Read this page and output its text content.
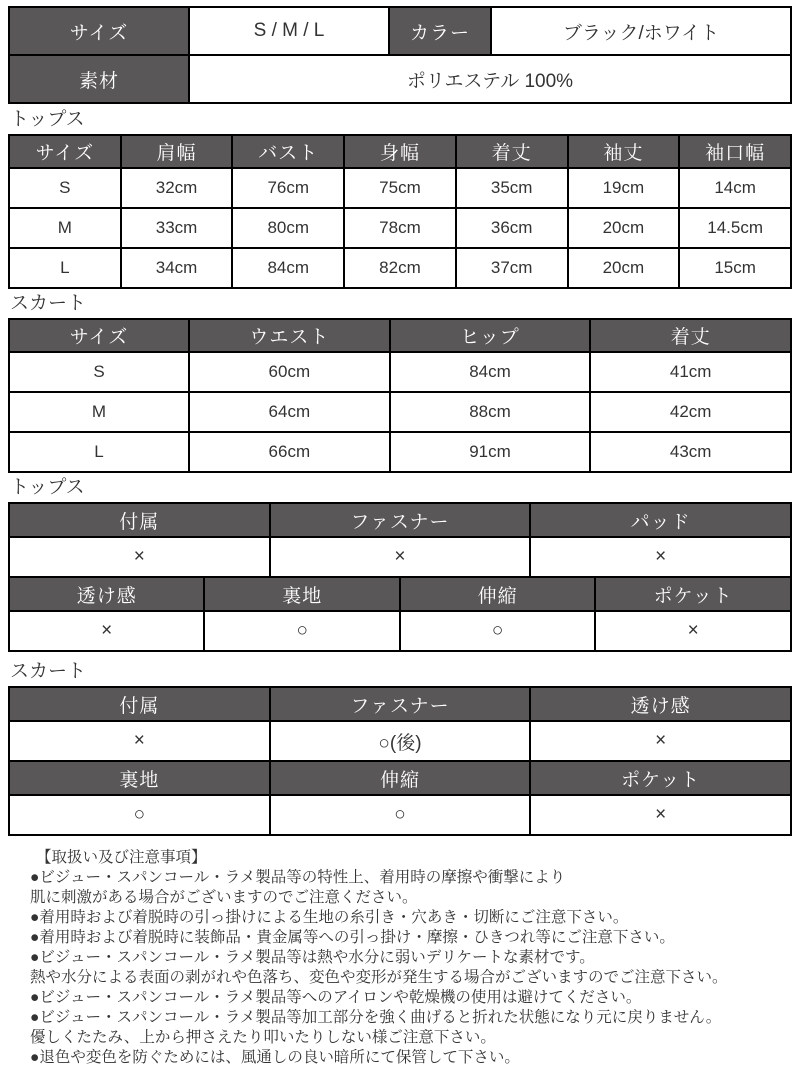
サイズ	S / M / L	カラー	ブラック/ホワイト
素材	ポリエステル 100%		
トップス
サイズ	肩幅	バスト	身幅	着丈	袖丈	袖口幅
S	32cm	76cm	75cm	35cm	19cm	14cm
M	33cm	80cm	78cm	36cm	20cm	14.5cm
L	34cm	84cm	82cm	37cm	20cm	15cm
スカート
サイズ	ウエスト	ヒップ	着丈
S	60cm	84cm	41cm
M	64cm	88cm	42cm
L	66cm	91cm	43cm
トップス
付属		ファスナー		パッド	
×		×		×	
透け感	裏地		伸縮		ポケット
×	○		○		×
スカート
付属	ファスナー	透け感
×	○(後)	×
裏地	伸縮	ポケット
○	○	×
【取扱い及び注意事項】
●ビジュー・スパンコール・ラメ製品等の特性上、着用時の摩擦や衝撃により
肌に刺激がある場合がございますのでご注意ください。
●着用時および着脱時の引っ掛けによる生地の糸引き・穴あき・切断にご注意下さい。
●着用時および着脱時に装飾品・貴金属等への引っ掛け・摩擦・ひきつれ等にご注意下さい。
●ビジュー・スパンコール・ラメ製品等は熱や水分に弱いデリケートな素材です。
熱や水分による表面の剥がれや色落ち、変色や変形が発生する場合がございますのでご注意下さい。
●ビジュー・スパンコール・ラメ製品等へのアイロンや乾燥機の使用は避けてください。
●ビジュー・スパンコール・ラメ製品等加工部分を強く曲げると折れた状態になり元に戻りません。
優しくたたみ、上から押さえたり叩いたりしない様ご注意下さい。
●退色や変色を防ぐためには、風通しの良い暗所にて保管して下さい。
